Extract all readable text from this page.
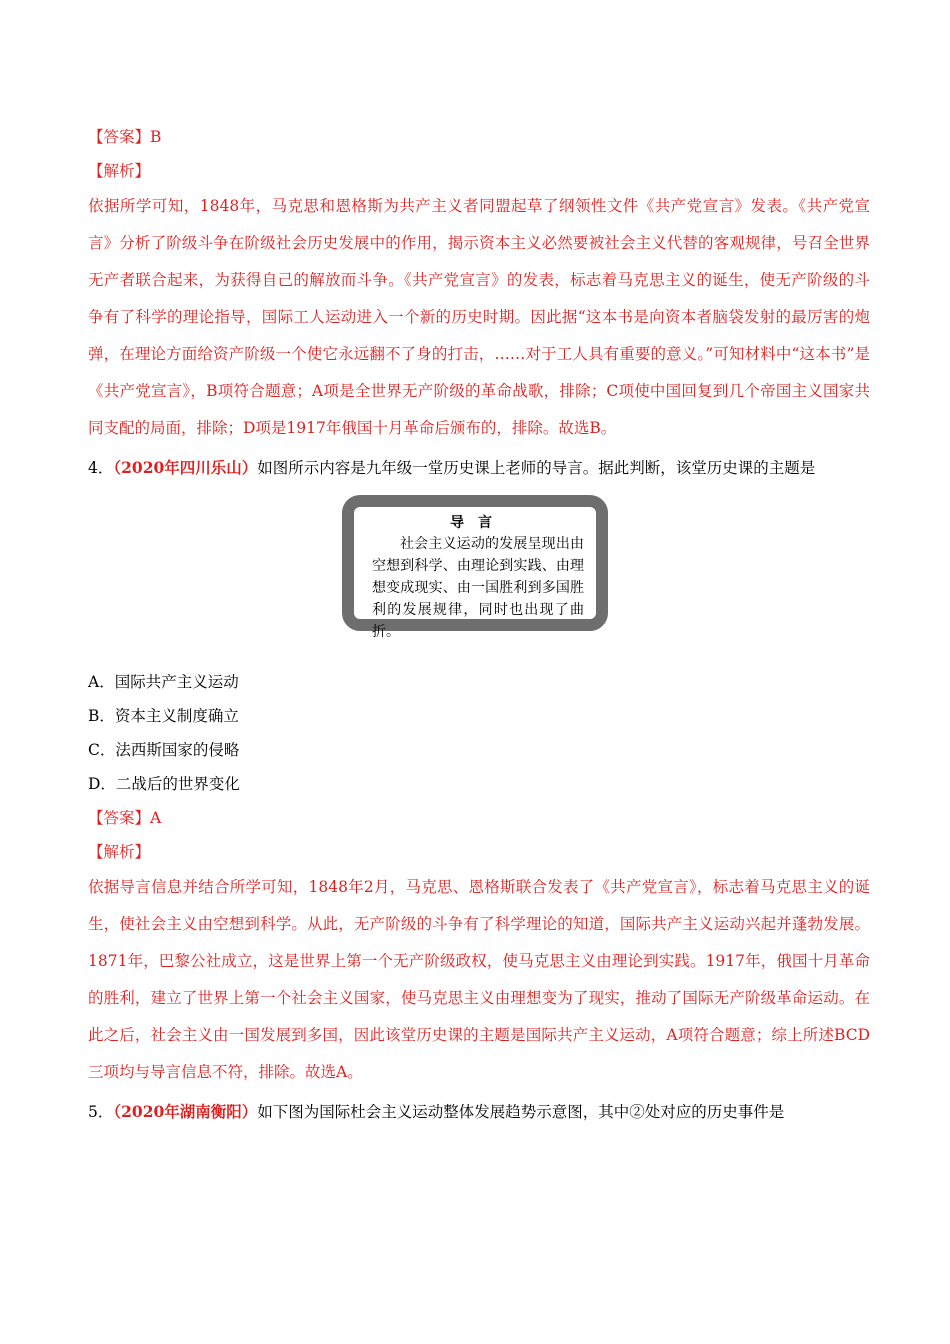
【答案】B
【解析】
依据所学可知，1848年，马克思和恩格斯为共产主义者同盟起草了纲领性文件《共产党宣言》发表。《共产党宣言》分析了阶级斗争在阶级社会历史发展中的作用，揭示资本主义必然要被社会主义代替的客观规律，号召全世界无产者联合起来，为获得自己的解放而斗争。《共产党宣言》的发表，标志着马克思主义的诞生，使无产阶级的斗争有了科学的理论指导，国际工人运动进入一个新的历史时期。因此据“这本书是向资本者脑袋发射的最厉害的炮弹，在理论方面给资产阶级一个使它永远翻不了身的打击，……对于工人具有重要的意义。”可知材料中“这本书”是《共产党宣言》，B项符合题意；A项是全世界无产阶级的革命战歌，排除；C项使中国回复到几个帝国主义国家共同支配的局面，排除；D项是1917年俄国十月革命后颁布的，排除。故选B。
4．（2020年四川乐山）如图所示内容是九年级一堂历史课上老师的导言。据此判断，该堂历史课的主题是
导言
社会主义运动的发展呈现出由空想到科学、由理论到实践、由理想变成现实、由一国胜利到多国胜利的发展规律，同时也出现了曲折。
A．国际共产主义运动
B．资本主义制度确立
C．法西斯国家的侵略
D．二战后的世界变化
【答案】A
【解析】
依据导言信息并结合所学可知，1848年2月，马克思、恩格斯联合发表了《共产党宣言》，标志着马克思主义的诞生，使社会主义由空想到科学。从此，无产阶级的斗争有了科学理论的知道，国际共产主义运动兴起并蓬勃发展。1871年，巴黎公社成立，这是世界上第一个无产阶级政权，使马克思主义由理论到实践。1917年，俄国十月革命的胜利，建立了世界上第一个社会主义国家，使马克思主义由理想变为了现实，推动了国际无产阶级革命运动。在此之后，社会主义由一国发展到多国，因此该堂历史课的主题是国际共产主义运动，A项符合题意；综上所述BCD三项均与导言信息不符，排除。故选A。
5．（2020年湖南衡阳）如下图为国际杜会主义运动整体发展趋势示意图，其中②处对应的历史事件是
